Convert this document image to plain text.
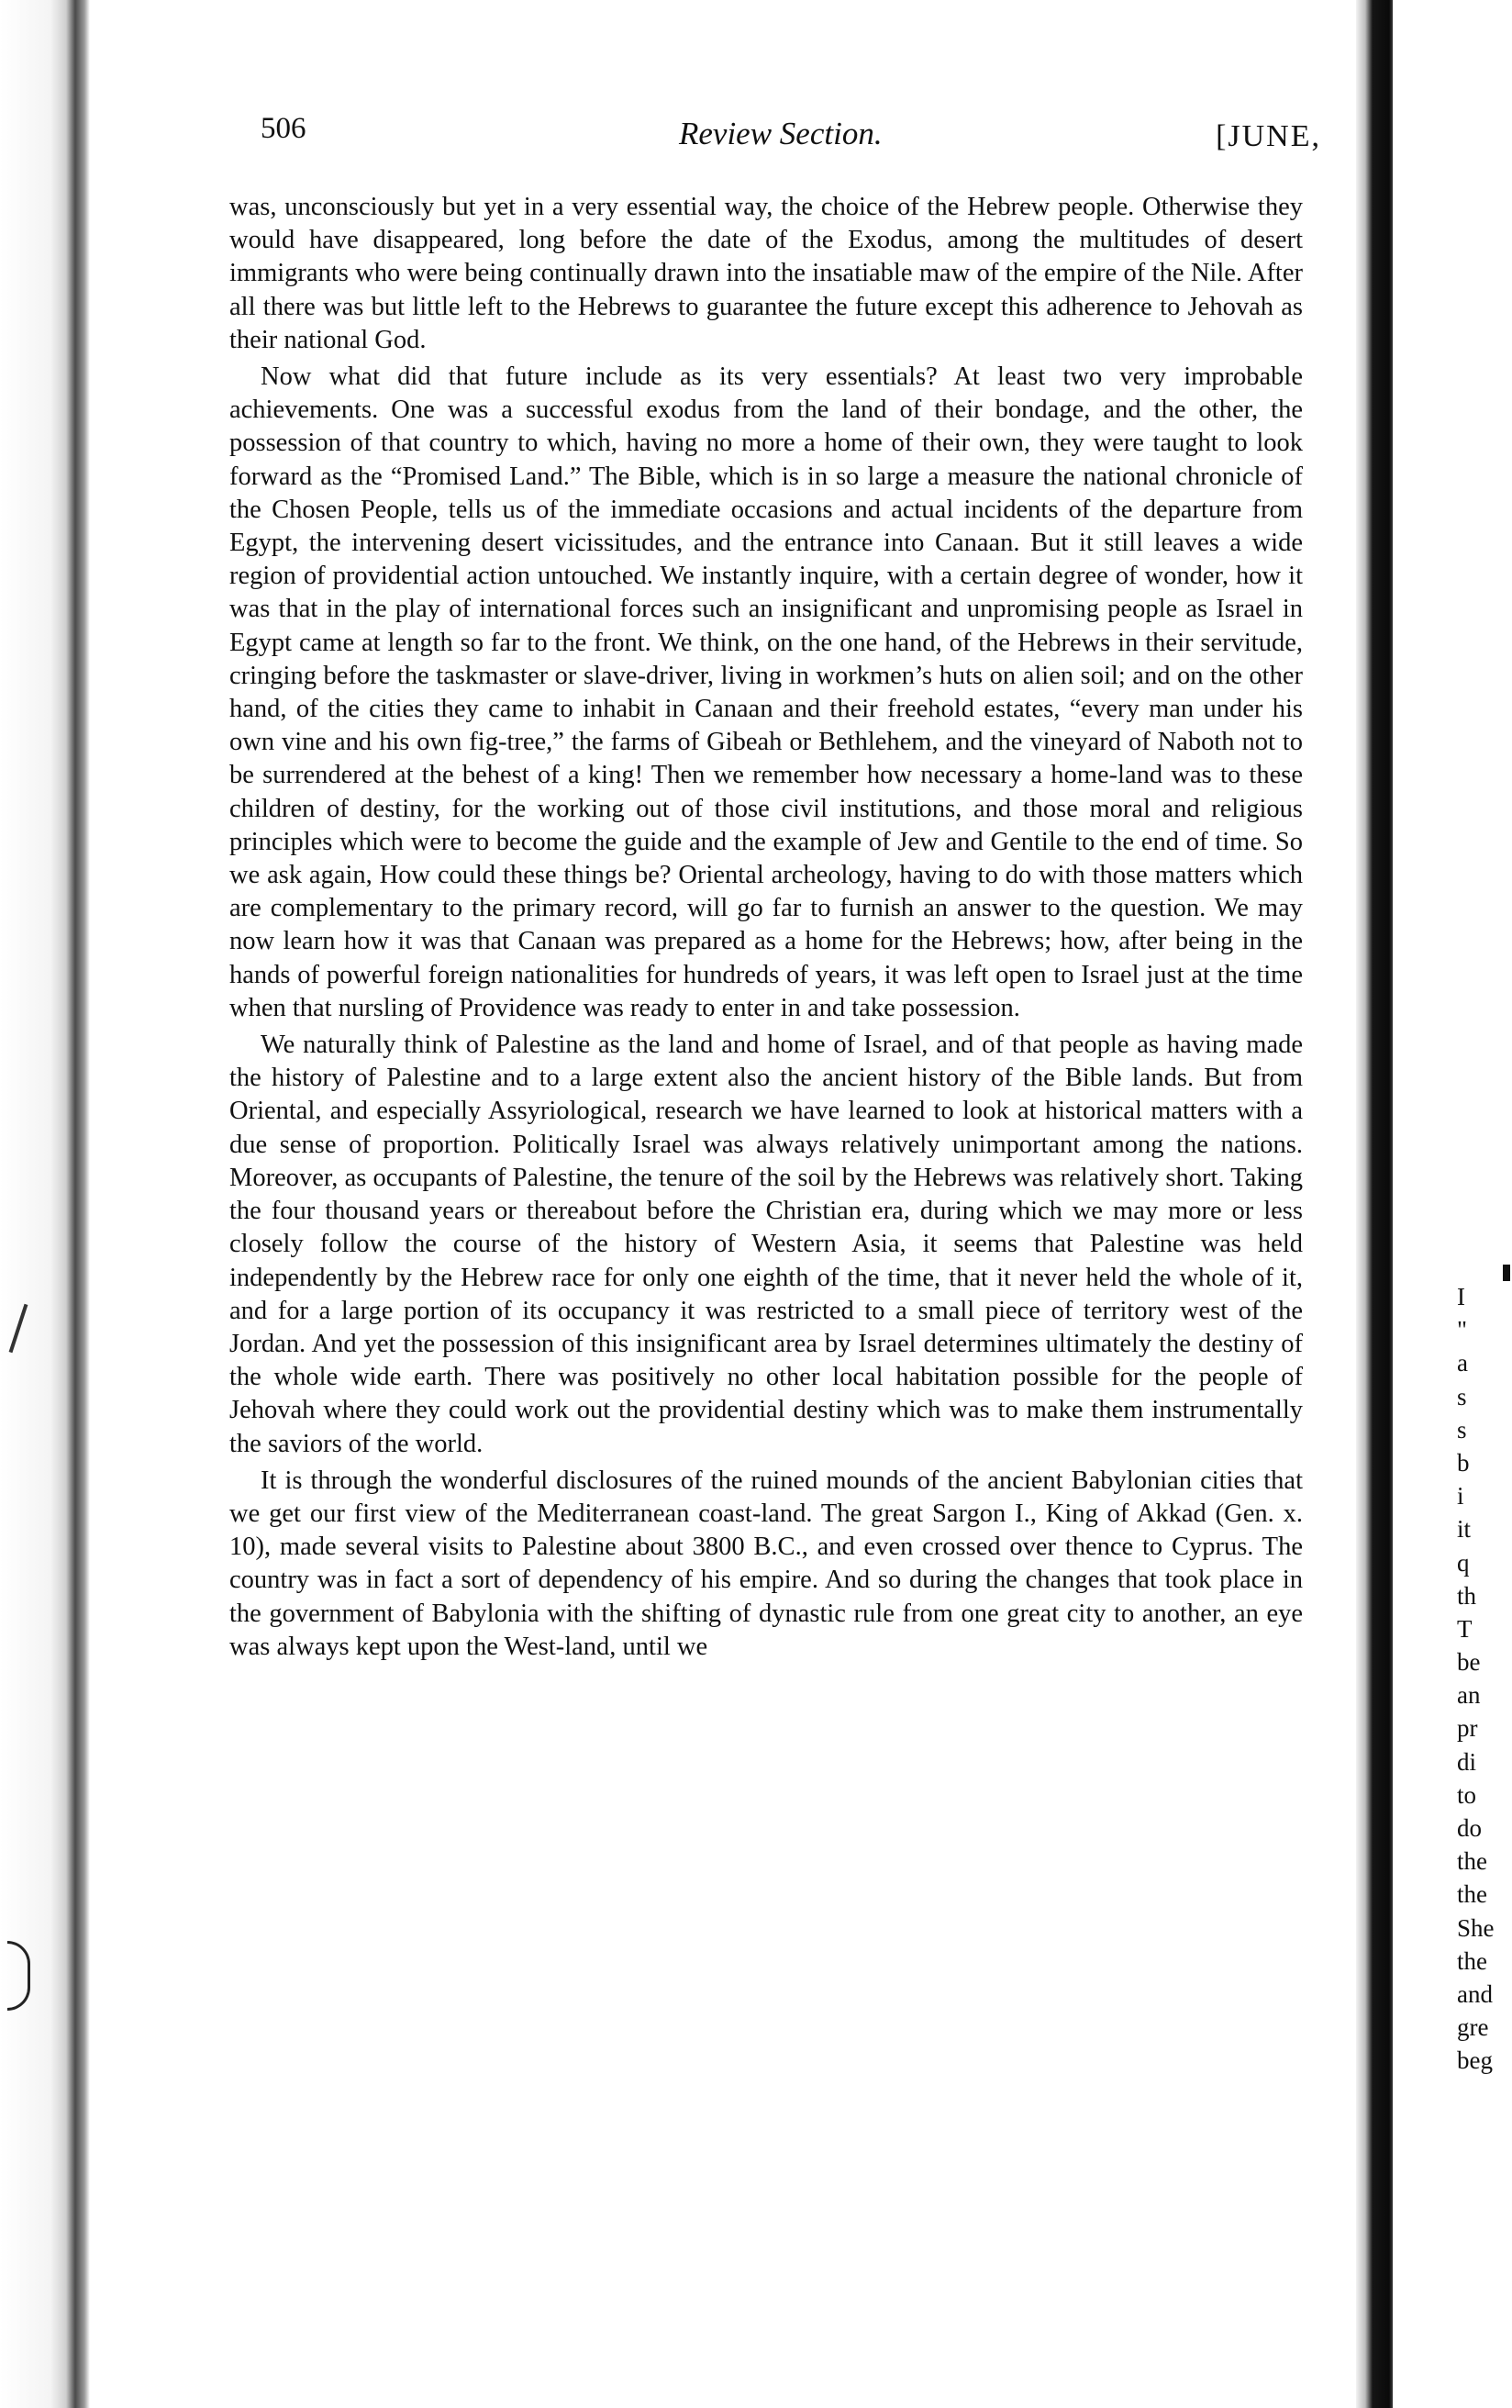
506	Review Section.	[JUNE,

was, unconsciously but yet in a very essential way, the choice of the Hebrew people. Otherwise they would have disappeared, long before the date of the Exodus, among the multitudes of desert immigrants who were being continually drawn into the insatiable maw of the empire of the Nile. After all there was but little left to the Hebrews to guarantee the future except this adherence to Jehovah as their national God.

Now what did that future include as its very essentials? At least two very improbable achievements. One was a successful exodus from the land of their bondage, and the other, the possession of that country to which, having no more a home of their own, they were taught to look forward as the “Promised Land.” The Bible, which is in so large a measure the national chronicle of the Chosen People, tells us of the immediate occasions and actual incidents of the departure from Egypt, the intervening desert vicissitudes, and the entrance into Canaan. But it still leaves a wide region of providential action untouched. We instantly inquire, with a certain degree of wonder, how it was that in the play of international forces such an insignificant and unpromising people as Israel in Egypt came at length so far to the front. We think, on the one hand, of the Hebrews in their servitude, cringing before the taskmaster or slave-driver, living in workmen’s huts on alien soil; and on the other hand, of the cities they came to inhabit in Canaan and their freehold estates, “every man under his own vine and his own fig-tree,” the farms of Gibeah or Bethlehem, and the vineyard of Naboth not to be surrendered at the behest of a king! Then we remember how necessary a home-land was to these children of destiny, for the working out of those civil institutions, and those moral and religious principles which were to become the guide and the example of Jew and Gentile to the end of time. So we ask again, How could these things be? Oriental archeology, having to do with those matters which are complementary to the primary record, will go far to furnish an answer to the question. We may now learn how it was that Canaan was prepared as a home for the Hebrews; how, after being in the hands of powerful foreign nationalities for hundreds of years, it was left open to Israel just at the time when that nursling of Providence was ready to enter in and take possession.

We naturally think of Palestine as the land and home of Israel, and of that people as having made the history of Palestine and to a large extent also the ancient history of the Bible lands. But from Oriental, and especially Assyriological, research we have learned to look at historical matters with a due sense of proportion. Politically Israel was always relatively unimportant among the nations. Moreover, as occupants of Palestine, the tenure of the soil by the Hebrews was relatively short. Taking the four thousand years or thereabout before the Christian era, during which we may more or less closely follow the course of the history of Western Asia, it seems that Palestine was held independently by the Hebrew race for only one eighth of the time, that it never held the whole of it, and for a large portion of its occupancy it was restricted to a small piece of territory west of the Jordan. And yet the possession of this insignificant area by Israel determines ultimately the destiny of the whole wide earth. There was positively no other local habitation possible for the people of Jehovah where they could work out the providential destiny which was to make them instrumentally the saviors of the world.

It is through the wonderful disclosures of the ruined mounds of the ancient Babylonian cities that we get our first view of the Mediterranean coast-land. The great Sargon I., King of Akkad (Gen. x. 10), made several visits to Palestine about 3800 B.C., and even crossed over thence to Cyprus. The country was in fact a sort of dependency of his empire. And so during the changes that took place in the government of Babylonia with the shifting of dynastic rule from one great city to another, an eye was always kept upon the West-land, until we

I
"
a
s
s
b
i
it
q
th
T
be
an
pr
di
to
do
the
the
She
the
and
gre
beg
